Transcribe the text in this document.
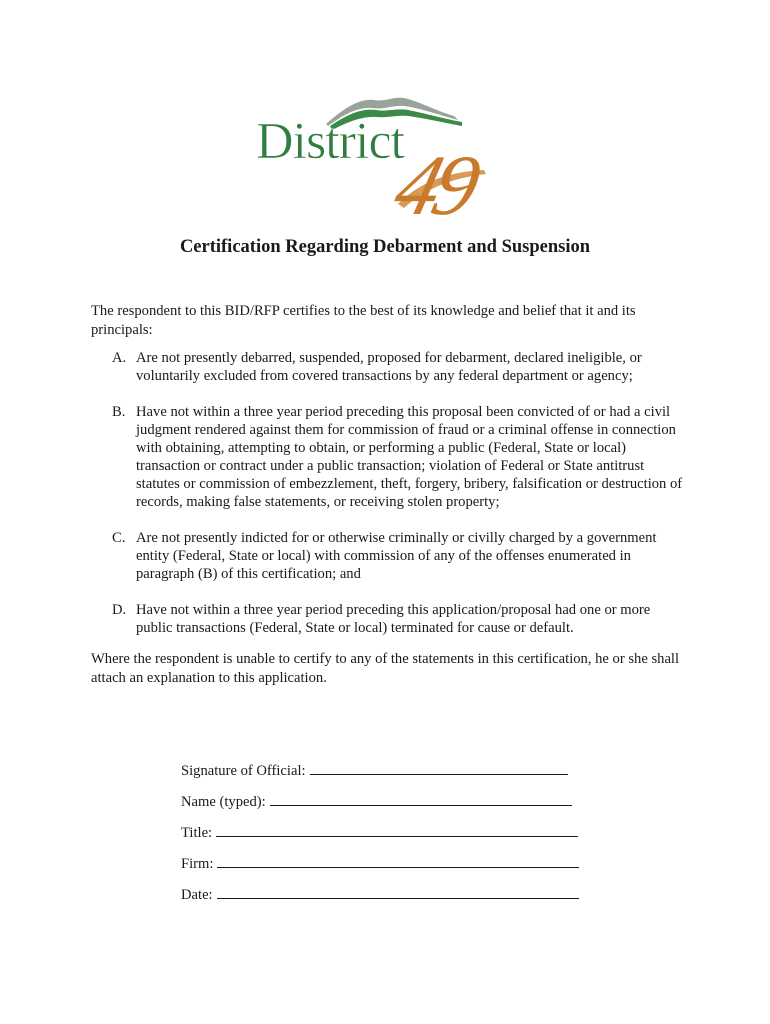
District
49
Certification Regarding Debarment and Suspension

The respondent to this BID/RFP certifies to the best of its knowledge and belief that it and its principals:

A. Are not presently debarred, suspended, proposed for debarment, declared ineligible, or voluntarily excluded from covered transactions by any federal department or agency;
B. Have not within a three year period preceding this proposal been convicted of or had a civil judgment rendered against them for commission of fraud or a criminal offense in connection with obtaining, attempting to obtain, or performing a public (Federal, State or local) transaction or contract under a public transaction; violation of Federal or State antitrust statutes or commission of embezzlement, theft, forgery, bribery, falsification or destruction of records, making false statements, or receiving stolen property;
C. Are not presently indicted for or otherwise criminally or civilly charged by a government entity (Federal, State or local) with commission of any of the offenses enumerated in paragraph (B) of this certification; and
D. Have not within a three year period preceding this application/proposal had one or more public transactions (Federal, State or local) terminated for cause or default.

Where the respondent is unable to certify to any of the statements in this certification, he or she shall attach an explanation to this application.

Signature of Official:
Name (typed):
Title:
Firm:
Date:
